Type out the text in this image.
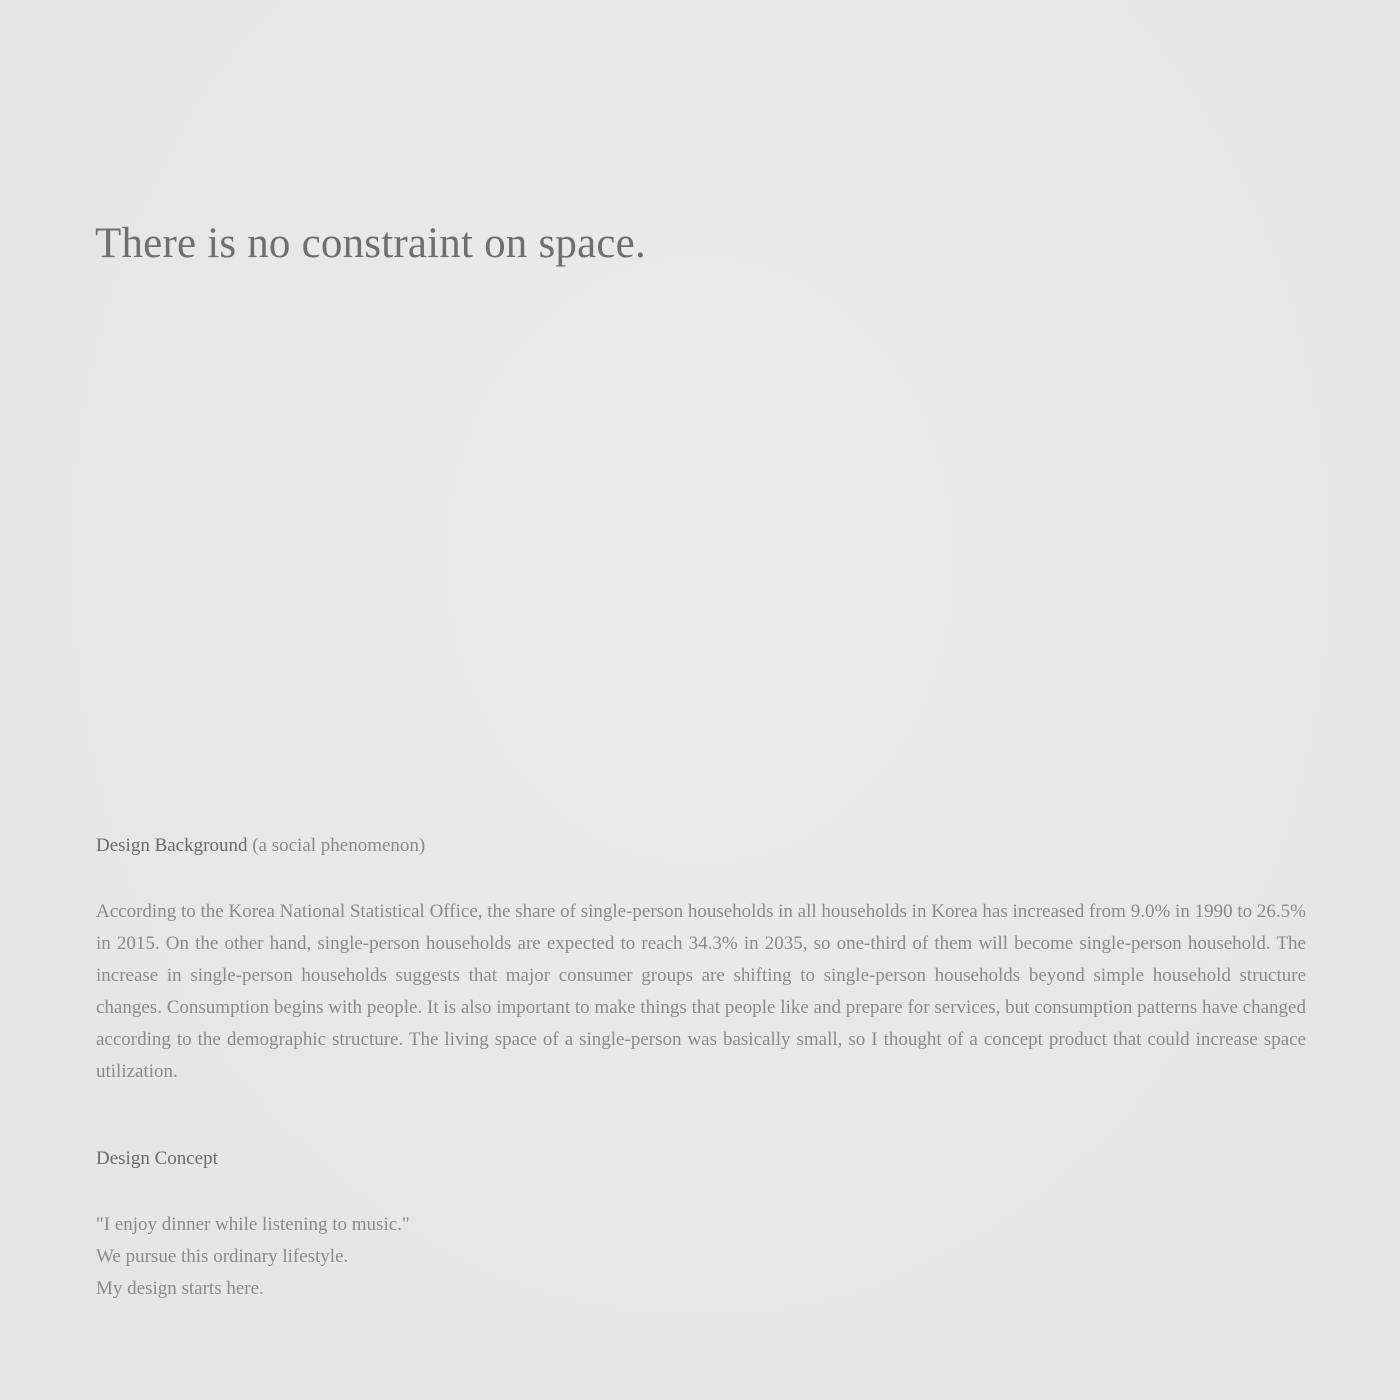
There is no constraint on space.
Design Background (a social phenomenon)

According to the Korea National Statistical Office, the share of single-person households in all households in Korea has increased from 9.0% in 1990 to 26.5% in 2015. On the other hand, single-person households are expected to reach 34.3% in 2035, so one-third of them will become single-person household. The increase in single-person households suggests that major consumer groups are shifting to single-person households beyond simple household structure changes. Consumption begins with people. It is also important to make things that people like and prepare for services, but consumption patterns have changed according to the demographic structure. The living space of a single-person was basically small, so I thought of a concept product that could increase space utilization.

Design Concept
"I enjoy dinner while listening to music."
We pursue this ordinary lifestyle.
My design starts here.
